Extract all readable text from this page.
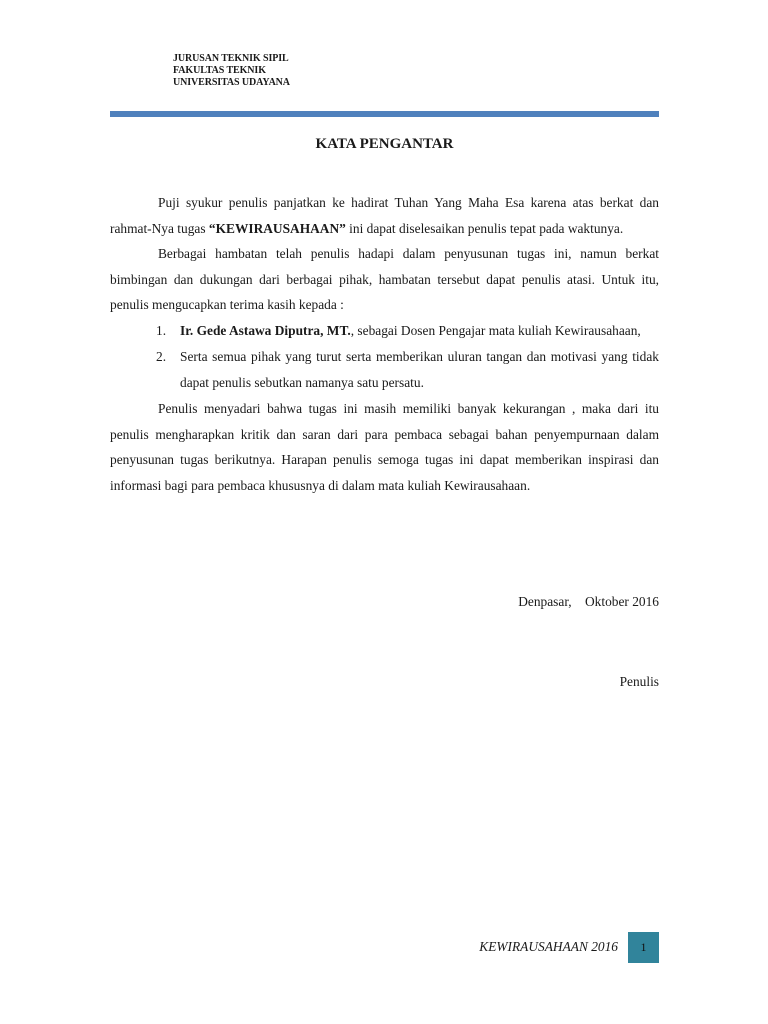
JURUSAN TEKNIK SIPIL
FAKULTAS TEKNIK
UNIVERSITAS UDAYANA
KATA PENGANTAR

Puji syukur penulis panjatkan ke hadirat Tuhan Yang Maha Esa karena atas berkat dan rahmat-Nya tugas “KEWIRAUSAHAAN” ini dapat diselesaikan penulis tepat pada waktunya.

Berbagai hambatan telah penulis hadapi dalam penyusunan tugas ini, namun berkat bimbingan dan dukungan dari berbagai pihak, hambatan tersebut dapat penulis atasi. Untuk itu, penulis mengucapkan terima kasih kepada :

1. Ir. Gede Astawa Diputra, MT., sebagai Dosen Pengajar mata kuliah Kewirausahaan,
2. Serta semua pihak yang turut serta memberikan uluran tangan dan motivasi yang tidak dapat penulis sebutkan namanya satu persatu.

Penulis menyadari bahwa tugas ini masih memiliki banyak kekurangan , maka dari itu penulis mengharapkan kritik dan saran dari para pembaca sebagai bahan penyempurnaan dalam penyusunan tugas berikutnya. Harapan penulis semoga tugas ini dapat memberikan inspirasi dan informasi bagi para pembaca khususnya di dalam mata kuliah Kewirausahaan.

Denpasar,    Oktober 2016
Penulis
KEWIRAUSAHAAN 2016	1
